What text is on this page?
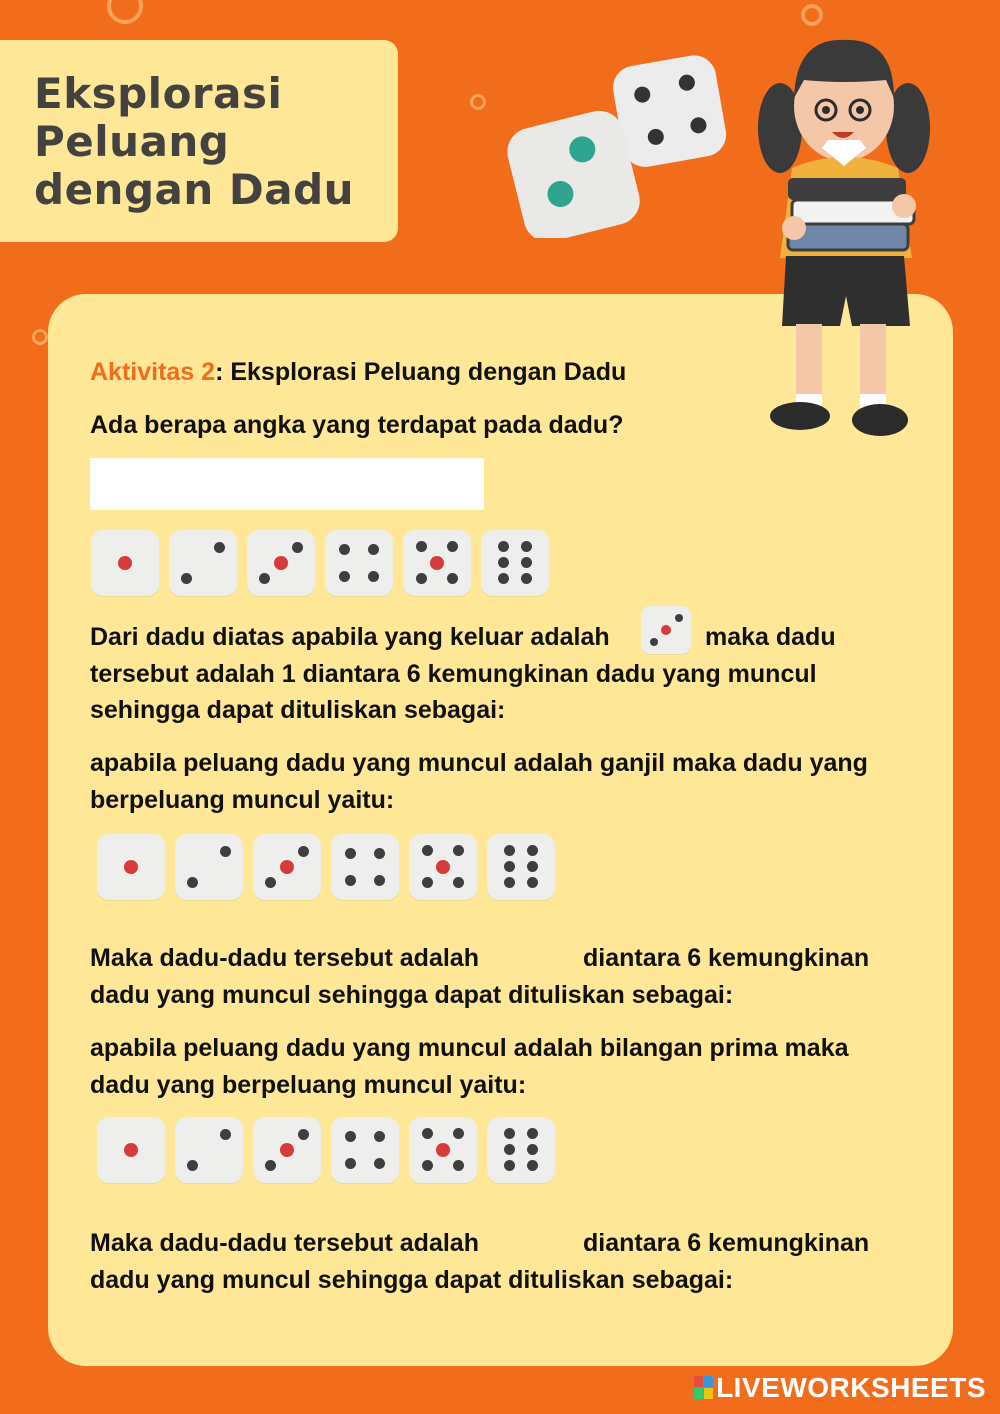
Eksplorasi
Peluang
dengan Dadu

Aktivitas 2: Eksplorasi Peluang dengan Dadu

Ada berapa angka yang terdapat pada dadu?

Dari dadu diatas apabila yang keluar adalah	maka dadu

tersebut adalah 1 diantara 6 kemungkinan dadu yang muncul

sehingga dapat dituliskan sebagai:

apabila peluang dadu yang muncul adalah ganjil maka dadu yang

berpeluang muncul yaitu:

Maka dadu-dadu tersebut adalah	diantara 6 kemungkinan

dadu yang muncul sehingga dapat dituliskan sebagai:

apabila peluang dadu yang muncul adalah bilangan prima maka

dadu yang berpeluang muncul yaitu:

Maka dadu-dadu tersebut adalah	diantara 6 kemungkinan

dadu yang muncul sehingga dapat dituliskan sebagai:

LIVEWORKSHEETS
